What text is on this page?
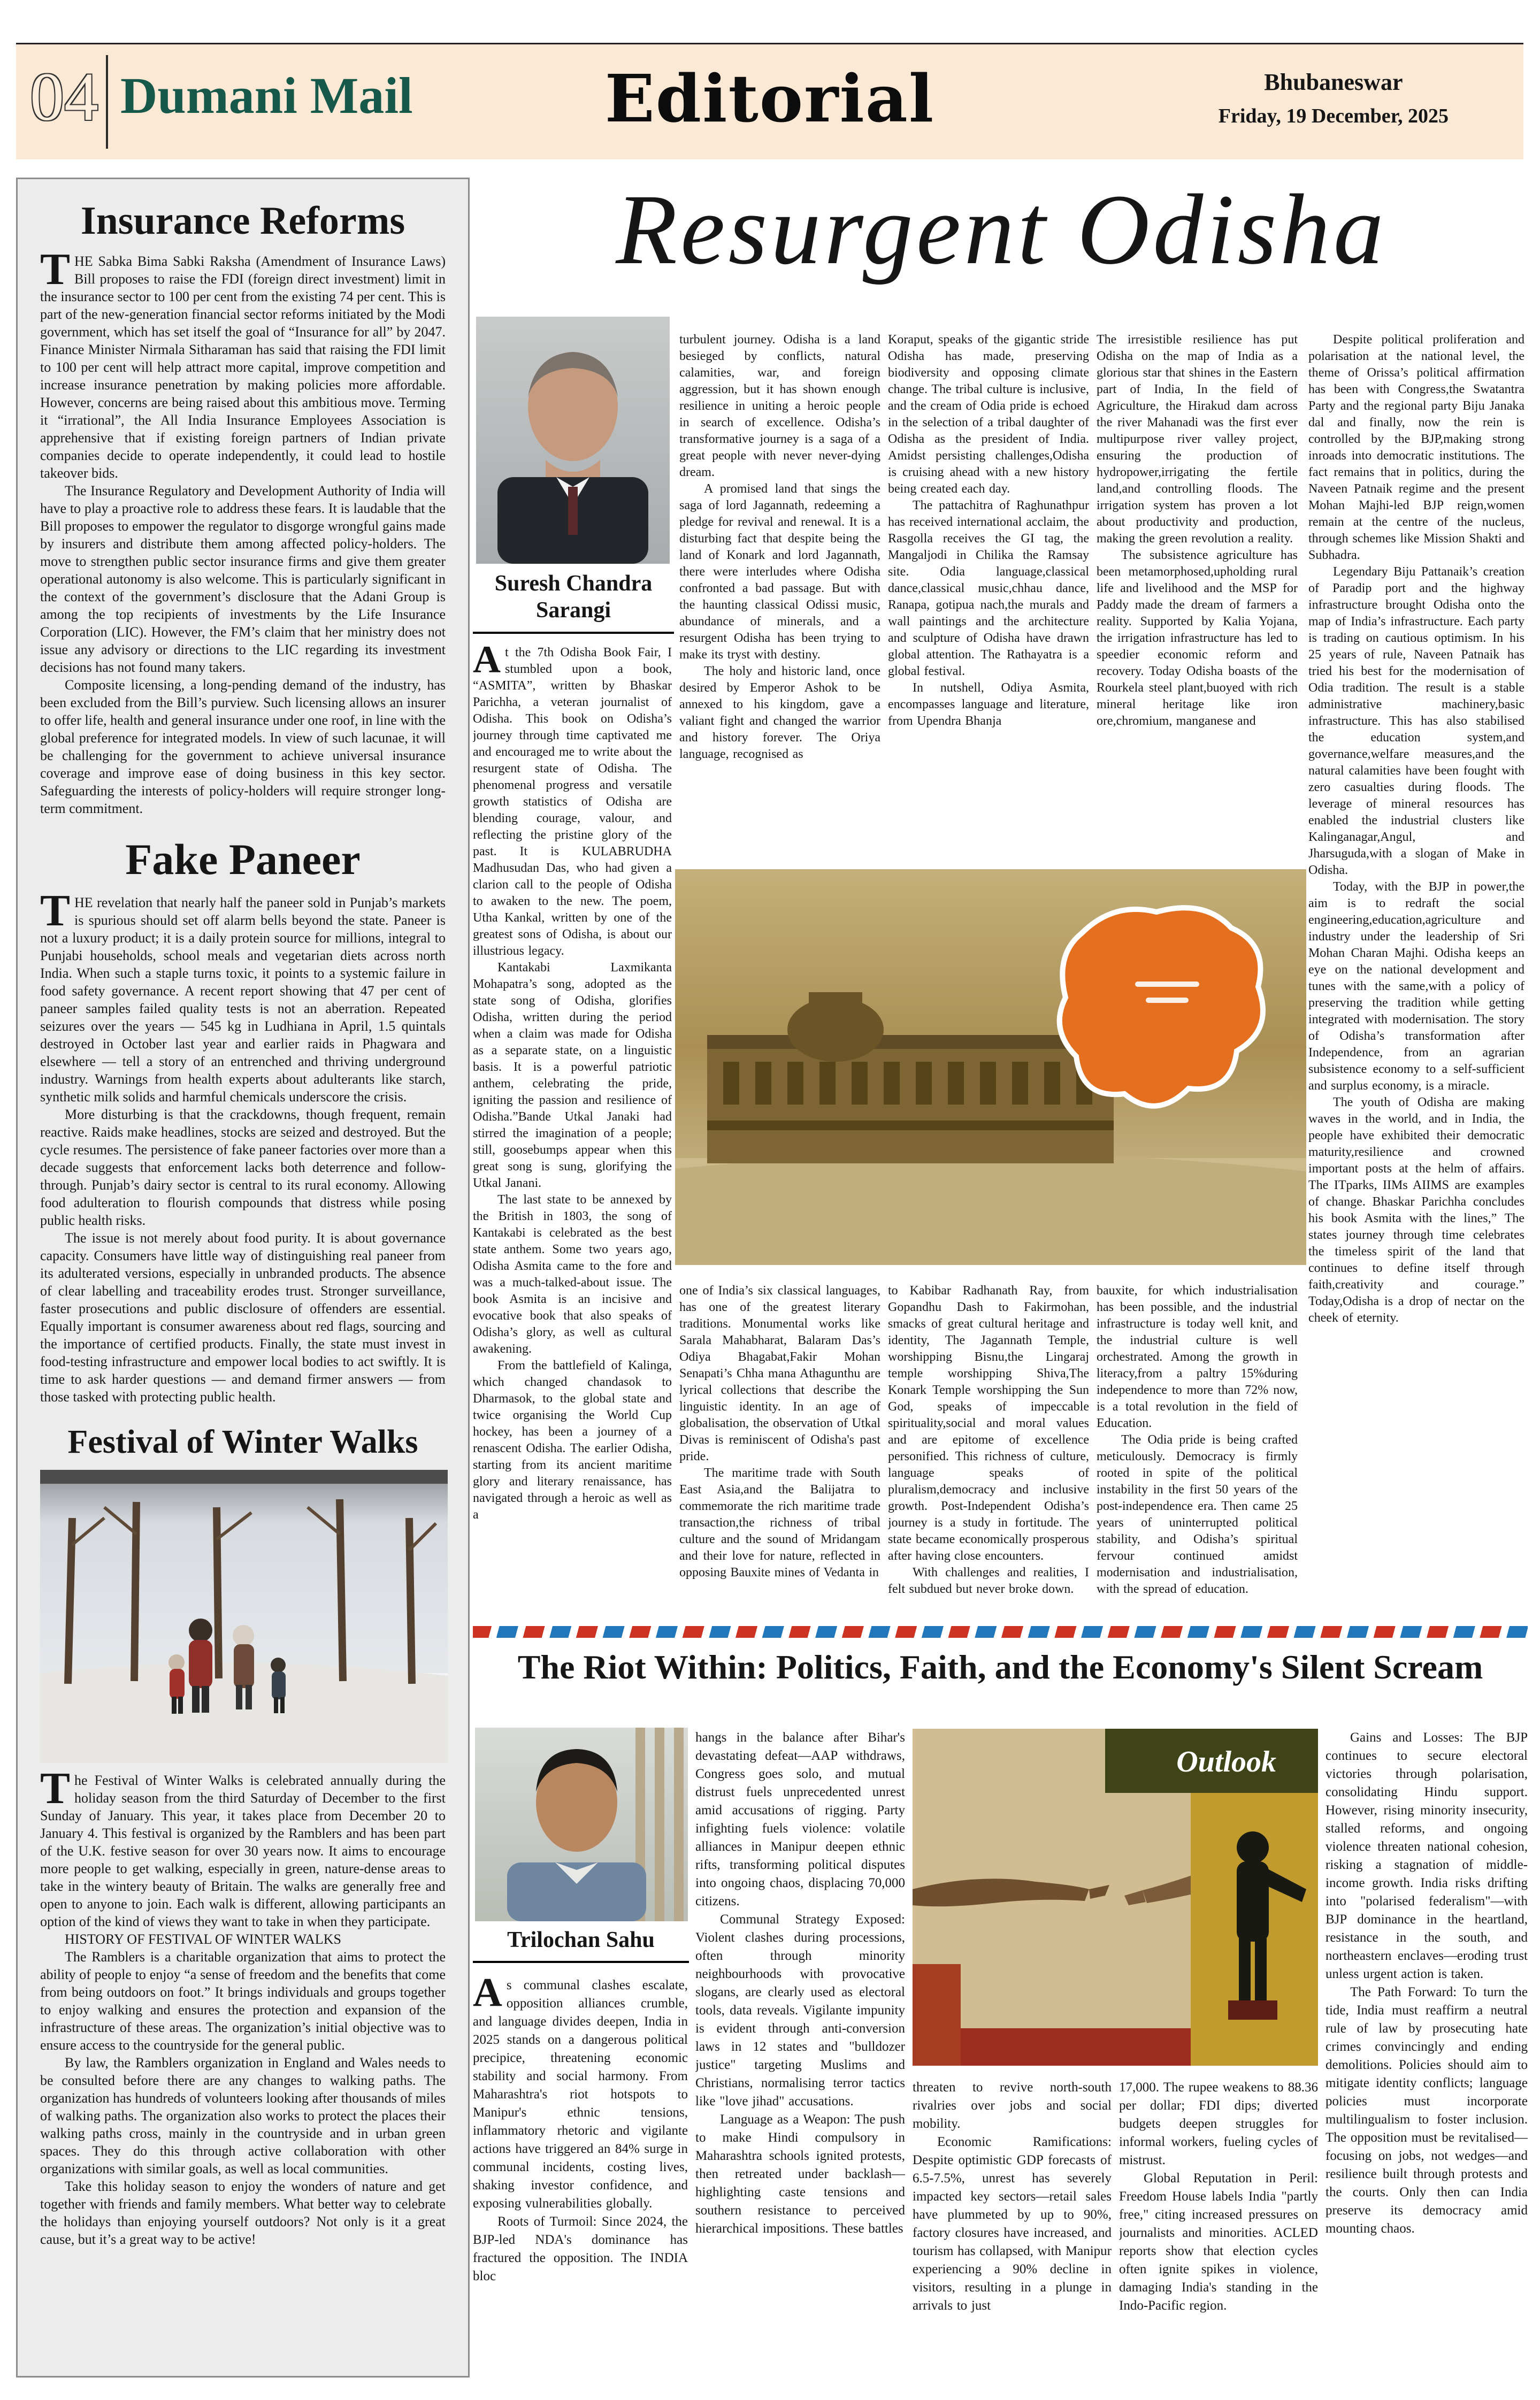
04 Dumani Mail	Editorial	Bhubaneswar
Friday, 19 December, 2025
Insurance Reforms

THE Sabka Bima Sabki Raksha (Amendment of Insurance Laws) Bill proposes to raise the FDI (foreign direct investment) limit in the insurance sector to 100 per cent from the existing 74 per cent. This is part of the new-generation financial sector reforms initiated by the Modi government, which has set itself the goal of “Insurance for all” by 2047. Finance Minister Nirmala Sitharaman has said that raising the FDI limit to 100 per cent will help attract more capital, improve competition and increase insurance penetration by making policies more affordable. However, concerns are being raised about this ambitious move. Terming it “irrational”, the All India Insurance Employees Association is apprehensive that if existing foreign partners of Indian private companies decide to operate independently, it could lead to hostile takeover bids.

The Insurance Regulatory and Development Authority of India will have to play a proactive role to address these fears. It is laudable that the Bill proposes to empower the regulator to disgorge wrongful gains made by insurers and distribute them among affected policy-holders. The move to strengthen public sector insurance firms and give them greater operational autonomy is also welcome. This is particularly significant in the context of the government’s disclosure that the Adani Group is among the top recipients of investments by the Life Insurance Corporation (LIC). However, the FM’s claim that her ministry does not issue any advisory or directions to the LIC regarding its investment decisions has not found many takers.

Composite licensing, a long-pending demand of the industry, has been excluded from the Bill’s purview. Such licensing allows an insurer to offer life, health and general insurance under one roof, in line with the global preference for integrated models. In view of such lacunae, it will be challenging for the government to achieve universal insurance coverage and improve ease of doing business in this key sector. Safeguarding the interests of policy-holders will require stronger long-term commitment.

Fake Paneer

THE revelation that nearly half the paneer sold in Punjab’s markets is spurious should set off alarm bells beyond the state. Paneer is not a luxury product; it is a daily protein source for millions, integral to Punjabi households, school meals and vegetarian diets across north India. When such a staple turns toxic, it points to a systemic failure in food safety governance. A recent report showing that 47 per cent of paneer samples failed quality tests is not an aberration. Repeated seizures over the years — 545 kg in Ludhiana in April, 1.5 quintals destroyed in October last year and earlier raids in Phagwara and elsewhere — tell a story of an entrenched and thriving underground industry. Warnings from health experts about adulterants like starch, synthetic milk solids and harmful chemicals underscore the crisis.

More disturbing is that the crackdowns, though frequent, remain reactive. Raids make headlines, stocks are seized and destroyed. But the cycle resumes. The persistence of fake paneer factories over more than a decade suggests that enforcement lacks both deterrence and follow-through. Punjab’s dairy sector is central to its rural economy. Allowing food adulteration to flourish compounds that distress while posing public health risks.

The issue is not merely about food purity. It is about governance capacity. Consumers have little way of distinguishing real paneer from its adulterated versions, especially in unbranded products. The absence of clear labelling and traceability erodes trust. Stronger surveillance, faster prosecutions and public disclosure of offenders are essential. Equally important is consumer awareness about red flags, sourcing and the importance of certified products. Finally, the state must invest in food-testing infrastructure and empower local bodies to act swiftly. It is time to ask harder questions — and demand firmer answers — from those tasked with protecting public health.

Festival of Winter Walks

The Festival of Winter Walks is celebrated annually during the holiday season from the third Saturday of December to the first Sunday of January. This year, it takes place from December 20 to January 4. This festival is organized by the Ramblers and has been part of the U.K. festive season for over 30 years now. It aims to encourage more people to get walking, especially in green, nature-dense areas to take in the wintery beauty of Britain. The walks are generally free and open to anyone to join. Each walk is different, allowing participants an option of the kind of views they want to take in when they participate.

HISTORY OF FESTIVAL OF WINTER WALKS

The Ramblers is a charitable organization that aims to protect the ability of people to enjoy “a sense of freedom and the benefits that come from being outdoors on foot.” It brings individuals and groups together to enjoy walking and ensures the protection and expansion of the infrastructure of these areas. The organization’s initial objective was to ensure access to the countryside for the general public.

By law, the Ramblers organization in England and Wales needs to be consulted before there are any changes to walking paths. The organization has hundreds of volunteers looking after thousands of miles of walking paths. The organization also works to protect the places their walking paths cross, mainly in the countryside and in urban green spaces. They do this through active collaboration with other organizations with similar goals, as well as local communities.

Take this holiday season to enjoy the wonders of nature and get together with friends and family members. What better way to celebrate the holidays than enjoying yourself outdoors? Not only is it a great cause, but it’s a great way to be active!

Resurgent Odisha
Suresh Chandra Sarangi

At the 7th Odisha Book Fair, I stumbled upon a book, “ASMITA”, written by Bhaskar Parichha, a veteran journalist of Odisha. This book on Odisha’s journey through time captivated me and encouraged me to write about the resurgent state of Odisha. The phenomenal progress and versatile growth statistics of Odisha are blending courage, valour, and reflecting the pristine glory of the past. It is KULABRUDHA Madhusudan Das, who had given a clarion call to the people of Odisha to awaken to the new. The poem, Utha Kankal, written by one of the greatest sons of Odisha, is about our illustrious legacy.

Kantakabi Laxmikanta Mohapatra’s song, adopted as the state song of Odisha, glorifies Odisha, written during the period when a claim was made for Odisha as a separate state, on a linguistic basis. It is a powerful patriotic anthem, celebrating the pride, igniting the passion and resilience of Odisha.”Bande Utkal Janaki had stirred the imagination of a people; still, goosebumps appear when this great song is sung, glorifying the Utkal Janani.

The last state to be annexed by the British in 1803, the song of Kantakabi is celebrated as the best state anthem. Some two years ago, Odisha Asmita came to the fore and was a much-talked-about issue. The book Asmita is an incisive and evocative book that also speaks of Odisha’s glory, as well as cultural awakening.

From the battlefield of Kalinga, which changed chandasok to Dharmasok, to the global state and twice organising the World Cup hockey, has been a journey of a renascent Odisha. The earlier Odisha, starting from its ancient maritime glory and literary renaissance, has navigated through a heroic as well as a

turbulent journey. Odisha is a land besieged by conflicts, natural calamities, war, and foreign aggression, but it has shown enough resilience in uniting a heroic people in search of excellence. Odisha’s transformative journey is a saga of a great people with never never-dying dream.

A promised land that sings the saga of lord Jagannath, redeeming a pledge for revival and renewal. It is a disturbing fact that despite being the land of Konark and lord Jagannath, there were interludes where Odisha confronted a bad passage. But with the haunting classical Odissi music, abundance of minerals, and a resurgent Odisha has been trying to make its tryst with destiny.

The holy and historic land, once desired by Emperor Ashok to be annexed to his kingdom, gave a valiant fight and changed the warrior and history forever. The Oriya language, recognised as

Koraput, speaks of the gigantic stride Odisha has made, preserving biodiversity and opposing climate change. The tribal culture is inclusive, and the cream of Odia pride is echoed in the selection of a tribal daughter of Odisha as the president of India. Amidst persisting challenges,Odisha is cruising ahead with a new history being created each day.

The pattachitra of Raghunathpur has received international acclaim, the Rasgolla receives the GI tag, the Mangaljodi in Chilika the Ramsay site. Odia language,classical dance,classical music,chhau dance, Ranapa, gotipua nach,the murals and wall paintings and the architecture and sculpture of Odisha have drawn global attention. The Rathayatra is a global festival.

In nutshell, Odiya Asmita, encompasses language and literature, from Upendra Bhanja

The irresistible resilience has put Odisha on the map of India as a glorious star that shines in the Eastern part of India, In the field of Agriculture, the Hirakud dam across the river Mahanadi was the first ever multipurpose river valley project, ensuring the production of hydropower,irrigating the fertile land,and controlling floods. The irrigation system has proven a lot about productivity and production, making the green revolution a reality.

The subsistence agriculture has been metamorphosed,upholding rural life and livelihood and the MSP for Paddy made the dream of farmers a reality. Supported by Kalia Yojana, the irrigation infrastructure has led to speedier economic reform and recovery. Today Odisha boasts of the Rourkela steel plant,buoyed with rich mineral heritage like iron ore,chromium, manganese and

Despite political proliferation and polarisation at the national level, the theme of Orissa’s political affirmation has been with Congress,the Swatantra Party and the regional party Biju Janaka dal and finally, now the rein is controlled by the BJP,making strong inroads into democratic institutions. The fact remains that in politics, during the Naveen Patnaik regime and the present Mohan Majhi-led BJP reign,women remain at the centre of the nucleus, through schemes like Mission Shakti and Subhadra.

Legendary Biju Pattanaik’s creation of Paradip port and the highway infrastructure brought Odisha onto the map of India’s infrastructure. Each party is trading on cautious optimism. In his 25 years of rule, Naveen Patnaik has tried his best for the modernisation of Odia tradition. The result is a stable administrative machinery,basic infrastructure. This has also stabilised the education system,and governance,welfare measures,and the natural calamities have been fought with zero casualties during floods. The leverage of mineral resources has enabled the industrial clusters like Kalinganagar,Angul, and Jharsuguda,with a slogan of Make in Odisha.

Today, with the BJP in power,the aim is to redraft the social engineering,education,agriculture and industry under the leadership of Sri Mohan Charan Majhi. Odisha keeps an eye on the national development and tunes with the same,with a policy of preserving the tradition while getting integrated with modernisation. The story of Odisha’s transformation after Independence, from an agrarian subsistence economy to a self-sufficient and surplus economy, is a miracle.

The youth of Odisha are making waves in the world, and in India, the people have exhibited their democratic maturity,resilience and crowned important posts at the helm of affairs. The ITparks, IIMs AIIMS are examples of change. Bhaskar Parichha concludes his book Asmita with the lines,” The states journey through time celebrates the timeless spirit of the land that continues to define itself through faith,creativity and courage.” Today,Odisha is a drop of nectar on the cheek of eternity.

one of India’s six classical languages, has one of the greatest literary traditions. Monumental works like Sarala Mahabharat, Balaram Das’s Odiya Bhagabat,Fakir Mohan Senapati’s Chha mana Athagunthu are lyrical collections that describe the linguistic identity. In an age of globalisation, the observation of Utkal Divas is reminiscent of Odisha's past pride.

The maritime trade with South East Asia,and the Balijatra to commemorate the rich maritime trade transaction,the richness of tribal culture and the sound of Mridangam and their love for nature, reflected in opposing Bauxite mines of Vedanta in

to Kabibar Radhanath Ray, from Gopandhu Dash to Fakirmohan, smacks of great cultural heritage and identity, The Jagannath Temple, worshipping Bisnu,the Lingaraj temple worshipping Shiva,The Konark Temple worshipping the Sun God, speaks of impeccable spirituality,social and moral values and are epitome of excellence personified. This richness of culture, language speaks of pluralism,democracy and inclusive growth. Post-Independent Odisha’s journey is a study in fortitude. The state became economically prosperous after having close encounters.

With challenges and realities, I felt subdued but never broke down.

bauxite, for which industrialisation has been possible, and the industrial infrastructure is today well knit, and the industrial culture is well orchestrated. Among the growth in literacy,from a paltry 15%during independence to more than 72% now, is a total revolution in the field of Education.

The Odia pride is being crafted meticulously. Democracy is firmly rooted in spite of the political instability in the first 50 years of the post-independence era. Then came 25 years of uninterrupted political stability, and Odisha’s spiritual fervour continued amidst modernisation and industrialisation, with the spread of education.

The Riot Within: Politics, Faith, and the Economy's Silent Scream
Trilochan Sahu

As communal clashes escalate, opposition alliances crumble, and language divides deepen, India in 2025 stands on a dangerous political precipice, threatening economic stability and social harmony. From Maharashtra's riot hotspots to Manipur's ethnic tensions, inflammatory rhetoric and vigilante actions have triggered an 84% surge in communal incidents, costing lives, shaking investor confidence, and exposing vulnerabilities globally.

Roots of Turmoil: Since 2024, the BJP-led NDA's dominance has fractured the opposition. The INDIA bloc

hangs in the balance after Bihar's devastating defeat—AAP withdraws, Congress goes solo, and mutual distrust fuels unprecedented unrest amid accusations of rigging. Party infighting fuels violence: volatile alliances in Manipur deepen ethnic rifts, transforming political disputes into ongoing chaos, displacing 70,000 citizens.

Communal Strategy Exposed: Violent clashes during processions, often through minority neighbourhoods with provocative slogans, are clearly used as electoral tools, data reveals. Vigilante impunity is evident through anti-conversion laws in 12 states and "bulldozer justice" targeting Muslims and Christians, normalising terror tactics like "love jihad" accusations.

Language as a Weapon: The push to make Hindi compulsory in Maharashtra schools ignited protests, then retreated under backlash—highlighting caste tensions and southern resistance to perceived hierarchical impositions. These battles

Outlook

threaten to revive north-south rivalries over jobs and social mobility.

Economic Ramifications: Despite optimistic GDP forecasts of 6.5-7.5%, unrest has severely impacted key sectors—retail sales have plummeted by up to 90%, factory closures have increased, and tourism has collapsed, with Manipur experiencing a 90% decline in visitors, resulting in a plunge in arrivals to just

17,000. The rupee weakens to 88.36 per dollar; FDI dips; diverted budgets deepen struggles for informal workers, fueling cycles of mistrust.

Global Reputation in Peril: Freedom House labels India "partly free," citing increased pressures on journalists and minorities. ACLED reports show that election cycles often ignite spikes in violence, damaging India's standing in the Indo-Pacific region.

Gains and Losses: The BJP continues to secure electoral victories through polarisation, consolidating Hindu support. However, rising minority insecurity, stalled reforms, and ongoing violence threaten national cohesion, risking a stagnation of middle-income growth. India risks drifting into "polarised federalism"—with BJP dominance in the heartland, resistance in the south, and northeastern enclaves—eroding trust unless urgent action is taken.

The Path Forward: To turn the tide, India must reaffirm a neutral rule of law by prosecuting hate crimes convincingly and ending demolitions. Policies should aim to mitigate identity conflicts; language policies must incorporate multilingualism to foster inclusion. The opposition must be revitalised—focusing on jobs, not wedges—and resilience built through protests and the courts. Only then can India preserve its democracy amid mounting chaos.
